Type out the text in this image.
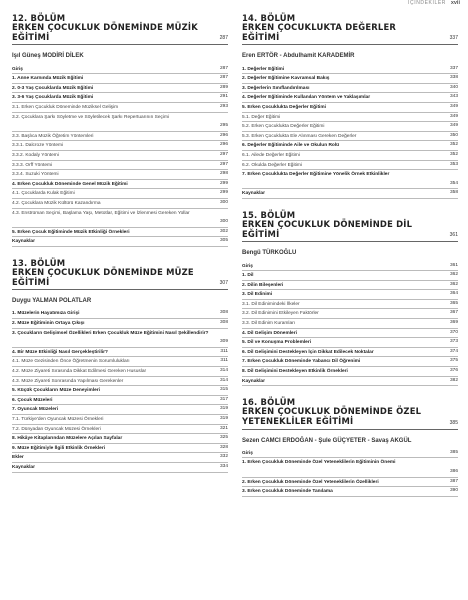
İÇİNDEKİLER xvii
12. BÖLÜM
ERKEN ÇOCUKLUK DÖNEMİNDE MÜZİK EĞİTİMİ	287
Işıl Güneş MODİRİ DİLEK
Giriş	287
1. Anne Karnında Müzik Eğitimi	287
2. 0-3 Yaş Çocuklarda Müzik Eğitimi	289
3. 3-6 Yaş Çocuklarda Müzik Eğitimi	291
3.1. Erken Çocukluk Döneminde Müziksel Gelişim	293
3.2. Çocuklara Şarkı Söyletme ve Söyletilecek Şarkı Repertuarının Seçimi
295
3.3. Başlıca Müzik Öğretim Yöntemleri	296
3.3.1. Dalcroze Yöntemi	296
3.3.2. Kodaly Yöntemi	297
3.3.3. Orff Yöntemi	297
3.3.4. Suzuki Yöntemi	298
4. Erken Çocukluk Döneminde Genel Müzik Eğitimi	299
4.1. Çocuklarda Kulak Eğitimi	299
4.2. Çocuklara Müzik Kültürü Kazandırma	300
4.3. Enstrüman Seçimi, Başlama Yaşı, Metotlar, Eğitimi ve İzlenmesi Gereken Yollar
300
5. Erken Çocuk Eğitiminde Müzik Etkinliği Örnekleri	302
Kaynaklar	305
13. BÖLÜM
ERKEN ÇOCUKLUK DÖNEMİNDE MÜZE EĞİTİMİ	307
Duygu YALMAN POLATLAR
1. Müzelerin Hayatımıza Girişi	308
2. Müze Eğitiminin Ortaya Çıkışı	308
3. Çocukların Gelişimsel Özellikleri Erken Çocukluk Müze Eğitimini Nasıl Şekillendirir?
309
4. Bir Müze Etkinliği Nasıl Gerçekleştirilir?	311
4.1. Müze Gezisinden Önce Öğretmenin Sorumlulukları	311
4.2. Müze Ziyareti Sırasında Dikkat Edilmesi Gereken Hususlar	314
4.3. Müze Ziyareti Sonrasında Yapılması Gerekenler	314
5. Küçük Çocukların Müze Deneyimleri	315
6. Çocuk Müzeleri	317
7. Oyuncak Müzeleri	319
7.1. Türkiye'den Oyuncak Müzesi Örnekleri	319
7.2. Dünyadan Oyuncak Müzesi Örnekleri	321
8. Hikâye Kitaplarından Müzelere Açılan Sayfalar	325
9. Müze Eğitimiyle İlgili Etkinlik Örnekleri	328
Ekler	332
Kaynaklar	334
14. BÖLÜM
ERKEN ÇOCUKLUKTA DEĞERLER EĞİTİMİ	337
Eren ERTÖR - Abdulhamit KARADEMİR
1. Değerler Eğitimi	337
2. Değerler Eğitimine Kavramsal Bakış	338
3. Değerlerin Sınıflandırılması	340
4. Değerler Eğitiminde Kullanılan Yöntem ve Yaklaşımlar	343
5. Erken Çocuklukta Değerler Eğitimi	349
5.1. Değer Eğitimi	349
5.2. Erken Çocuklukta Değerler Eğitimi	349
5.3. Erken Çocuklukta Ele Alınması Gereken Değerler	350
6. Değerler Eğitiminde Aile ve Okulun Rolü	352
6.1. Ailede Değerler Eğitimi	352
6.2. Okulda Değerler Eğitimi	353
7. Erken Çocuklukta Değerler Eğitimine Yönelik Örnek Etkinlikler
354
Kaynaklar	358
15. BÖLÜM
ERKEN ÇOCUKLUK DÖNEMİNDE DİL EĞİTİMİ	361
Bengü TÜRKOĞLU
Giriş	361
1. Dil	362
2. Dilin Bileşenleri	362
3. Dil Edinimi	364
3.1. Dil Edinimindeki İlkeler	365
3.2. Dil Edinimini Etkileyen Faktörler	367
3.3. Dil Edinim Kuramları	369
4. Dil Gelişim Dönemleri	370
5. Dil ve Konuşma Problemleri	373
6. Dil Gelişimini Destekleyen İçin Dikkat Edilecek Noktalar	374
7. Erken Çocukluk Döneminde Yabancı Dil Öğrenimi	375
8. Dil Gelişimini Destekleyen Etkinlik Örnekleri	376
Kaynaklar	382
16. BÖLÜM
ERKEN ÇOCUKLUK DÖNEMİNDE ÖZEL YETENEKLİLER EĞİTİMİ	385
Sezen CAMCI ERDOĞAN - Şule GÜÇYETER - Savaş AKGÜL
Giriş	385
1. Erken Çocukluk Döneminde Özel Yeteneklilerin Eğitiminin Önemi
386
2. Erken Çocukluk Döneminde Özel Yeteneklilerin Özellikleri	387
3. Erken Çocukluk Döneminde Tanılama	390
